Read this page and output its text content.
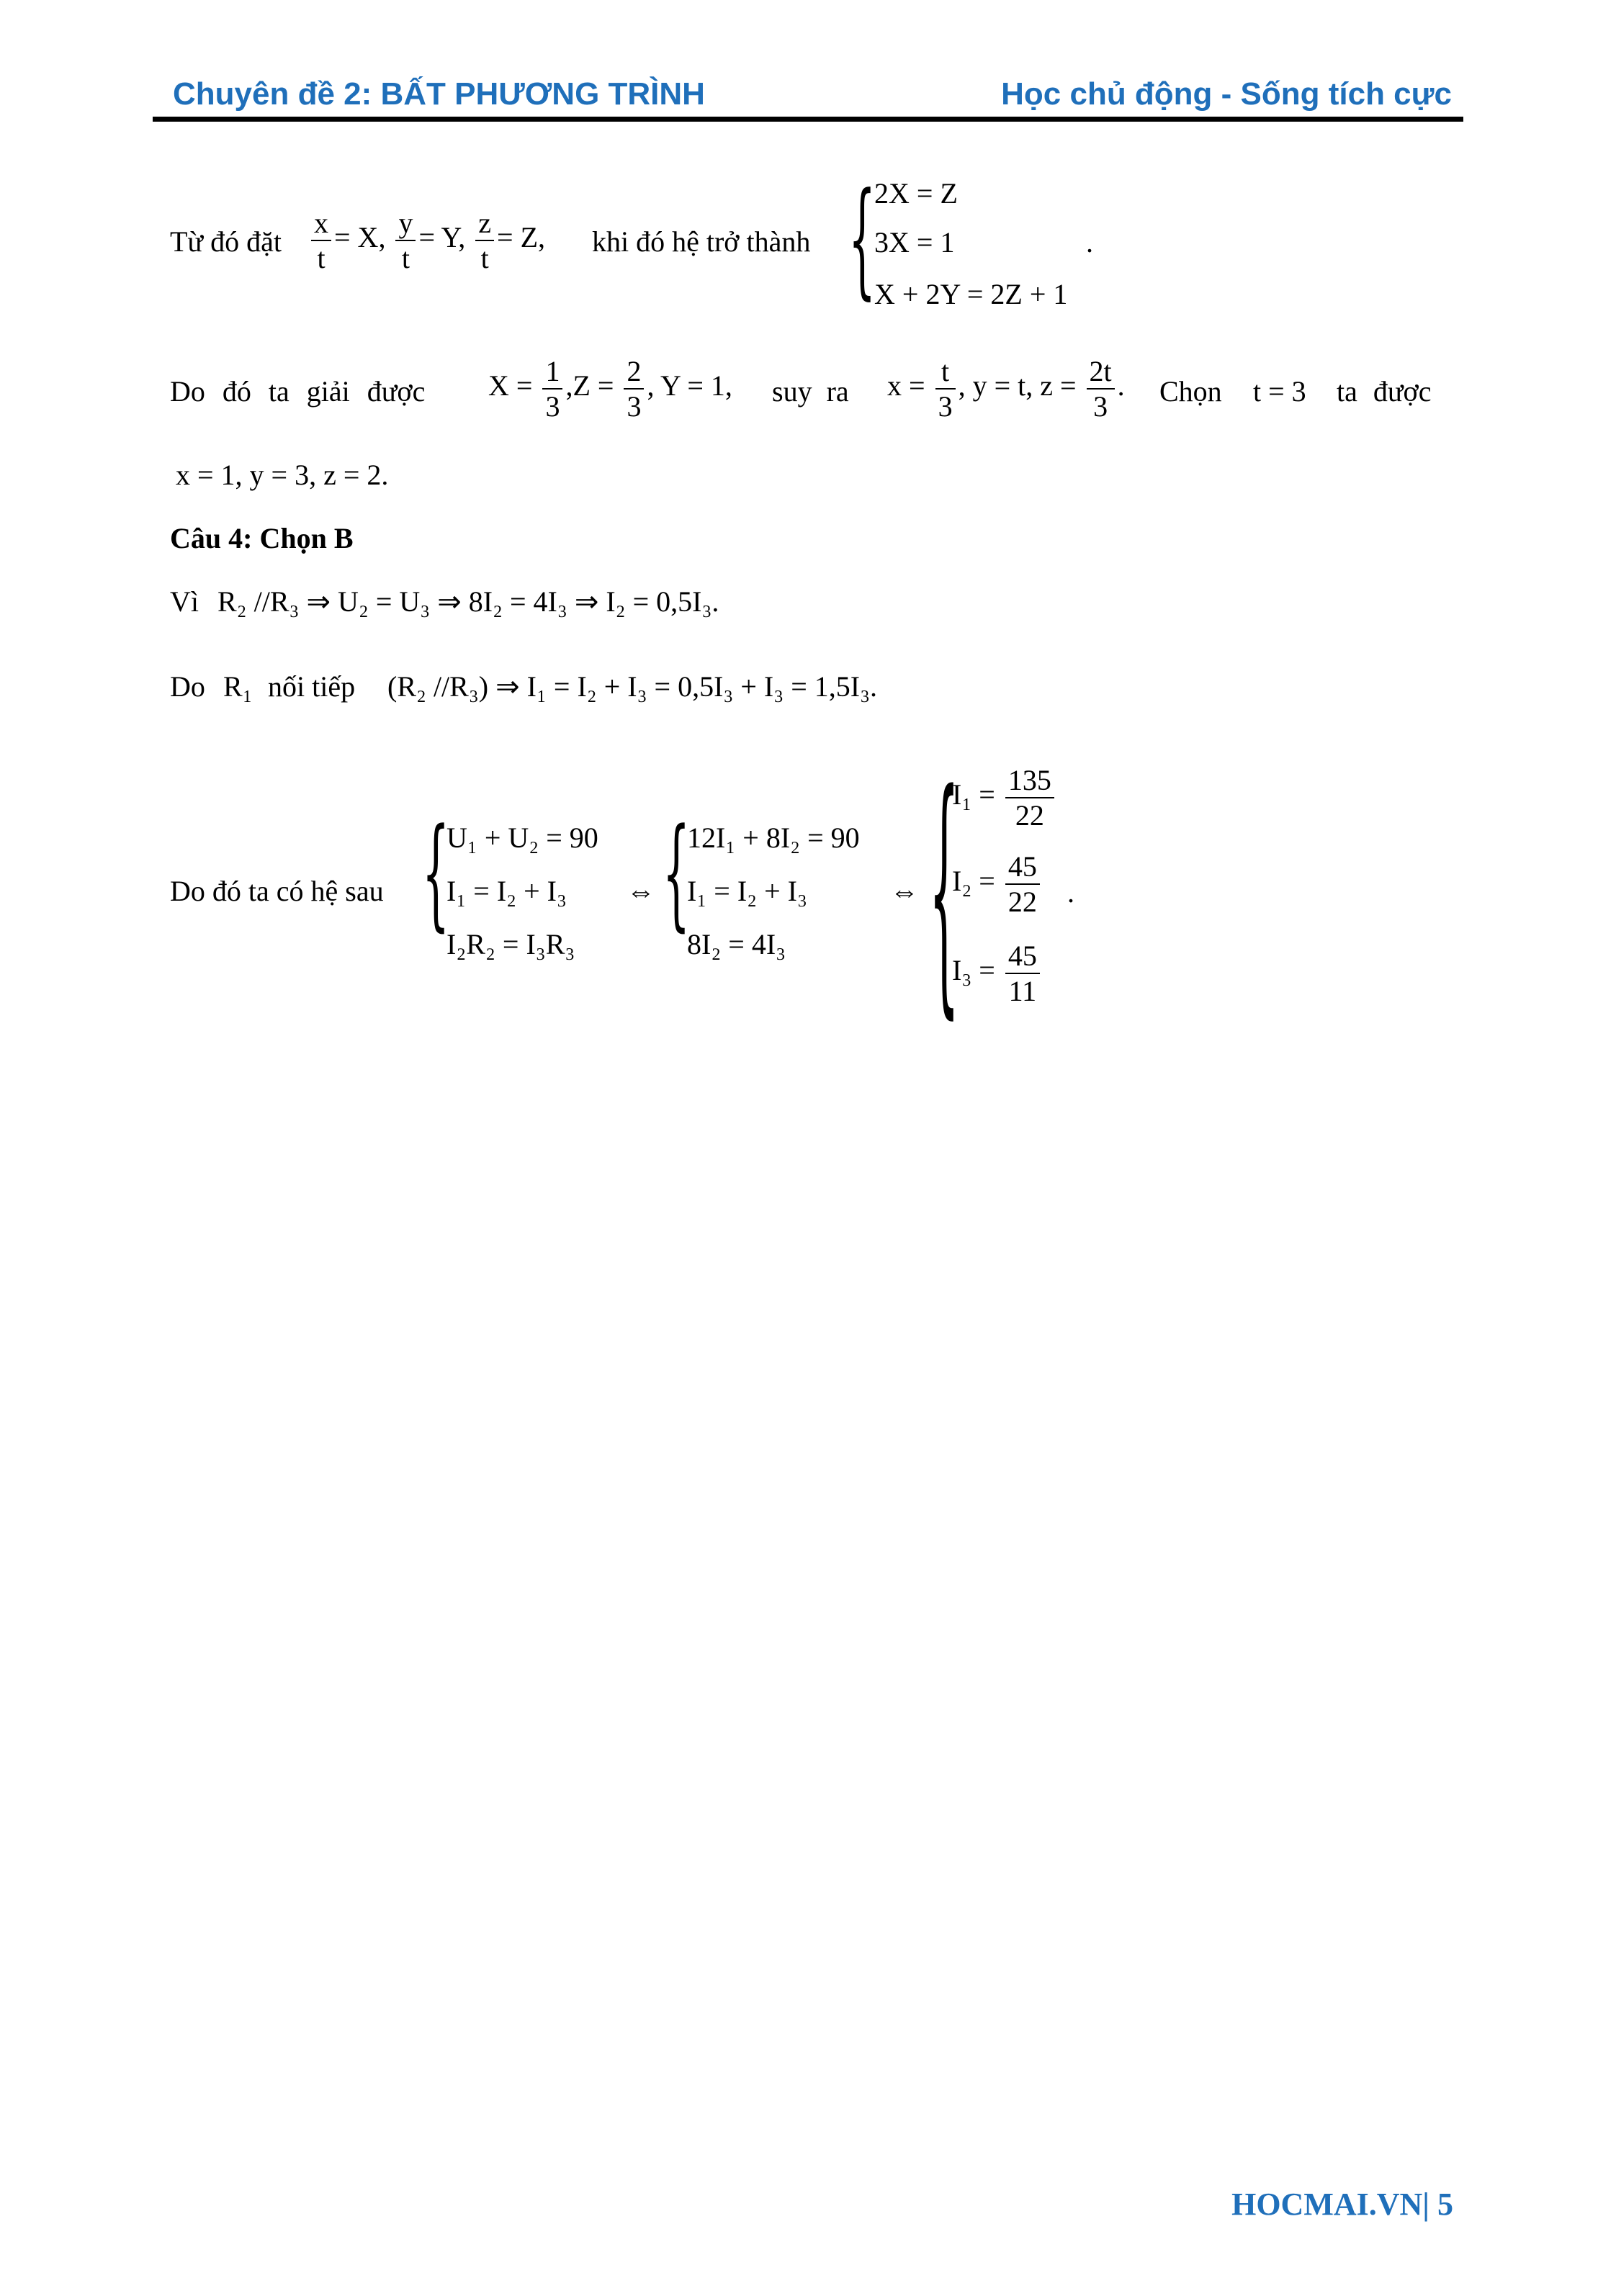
Chuyên đề 2: BẤT PHƯƠNG TRÌNH	Học chủ động - Sống tích cực
Từ đó đặt $\frac{x}{t} = X$, $\frac{y}{t} = Y$, $\frac{z}{t} = Z$, khi đó hệ trở thành {
2X = Z
3X = 1
X + 2Y = 2Z + 1
.
Do đó ta giải được $X = \frac{1}{3} ,Z = \frac{2}{3}$ , Y = 1, suy ra $x = \frac{t}{3}$ , y = t, $z = \frac{2t}{3}$ . Chọn t = 3 ta được
x = 1, y = 3, z = 2.
Câu 4: Chọn B
Vì R₂ //R₃ ⇒ U₂ = U₃ ⇒ 8I₂ = 4I₃ ⇒ I₂ = 0,5I₃.
Do R₁ nối tiếp (R₂ //R₃) ⇒ I₁ = I₂ + I₃ = 0,5I₃ + I₃ = 1,5I₃.
Do đó ta có hệ sau {
U₁ + U₂ = 90
I₁ = I₂ + I₃
I₂R₂ = I₃R₃
⇔ {
12I₁ + 8I₂ = 90
I₁ = I₂ + I₃
8I₂ = 4I₃
⇔ {
$I_1 = \frac{135}{22}$
$I_2 = \frac{45}{22}$
$I_3 = \frac{45}{11}$
.
HOCMAI.VN| 5
